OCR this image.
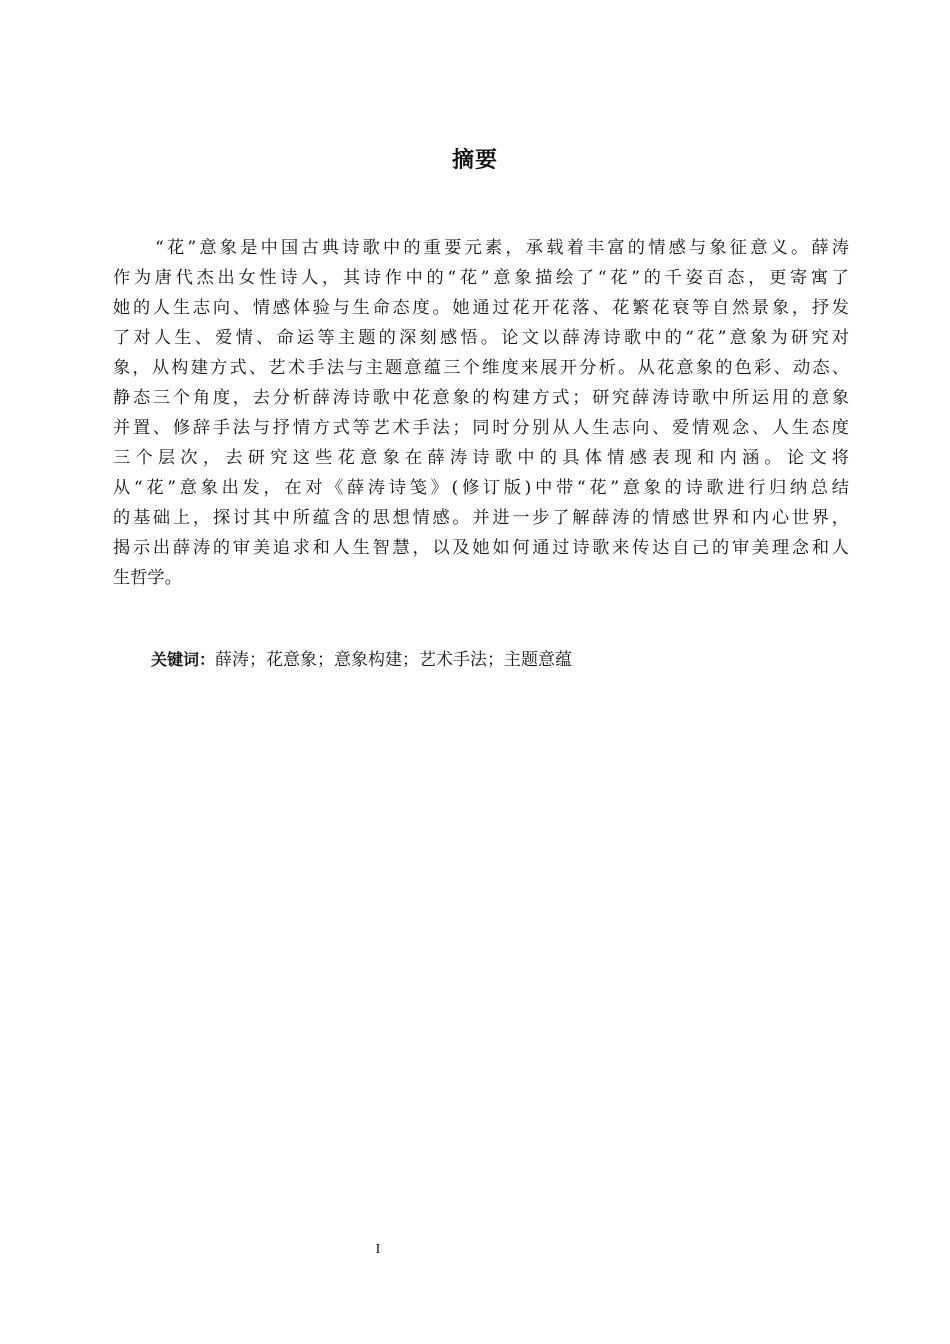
摘要
“花”意象是中国古典诗歌中的重要元素，承载着丰富的情感与象征意义。薛涛
作为唐代杰出女性诗人，其诗作中的“花”意象描绘了“花”的千姿百态，更寄寓了
她的人生志向、情感体验与生命态度。她通过花开花落、花繁花衰等自然景象，抒发
了对人生、爱情、命运等主题的深刻感悟。论文以薛涛诗歌中的“花”意象为研究对
象，从构建方式、艺术手法与主题意蕴三个维度来展开分析。从花意象的色彩、动态、
静态三个角度，去分析薛涛诗歌中花意象的构建方式；研究薛涛诗歌中所运用的意象
并置、修辞手法与抒情方式等艺术手法；同时分别从人生志向、爱情观念、人生态度
三个层次，去研究这些花意象在薛涛诗歌中的具体情感表现和内涵。论文将
从“花”意象出发，在对《薛涛诗笺》(修订版)中带“花”意象的诗歌进行归纳总结
的基础上，探讨其中所蕴含的思想情感。并进一步了解薛涛的情感世界和内心世界，
揭示出薛涛的审美追求和人生智慧，以及她如何通过诗歌来传达自己的审美理念和人
生哲学。

关键词：薛涛；花意象；意象构建；艺术手法；主题意蕴

I
